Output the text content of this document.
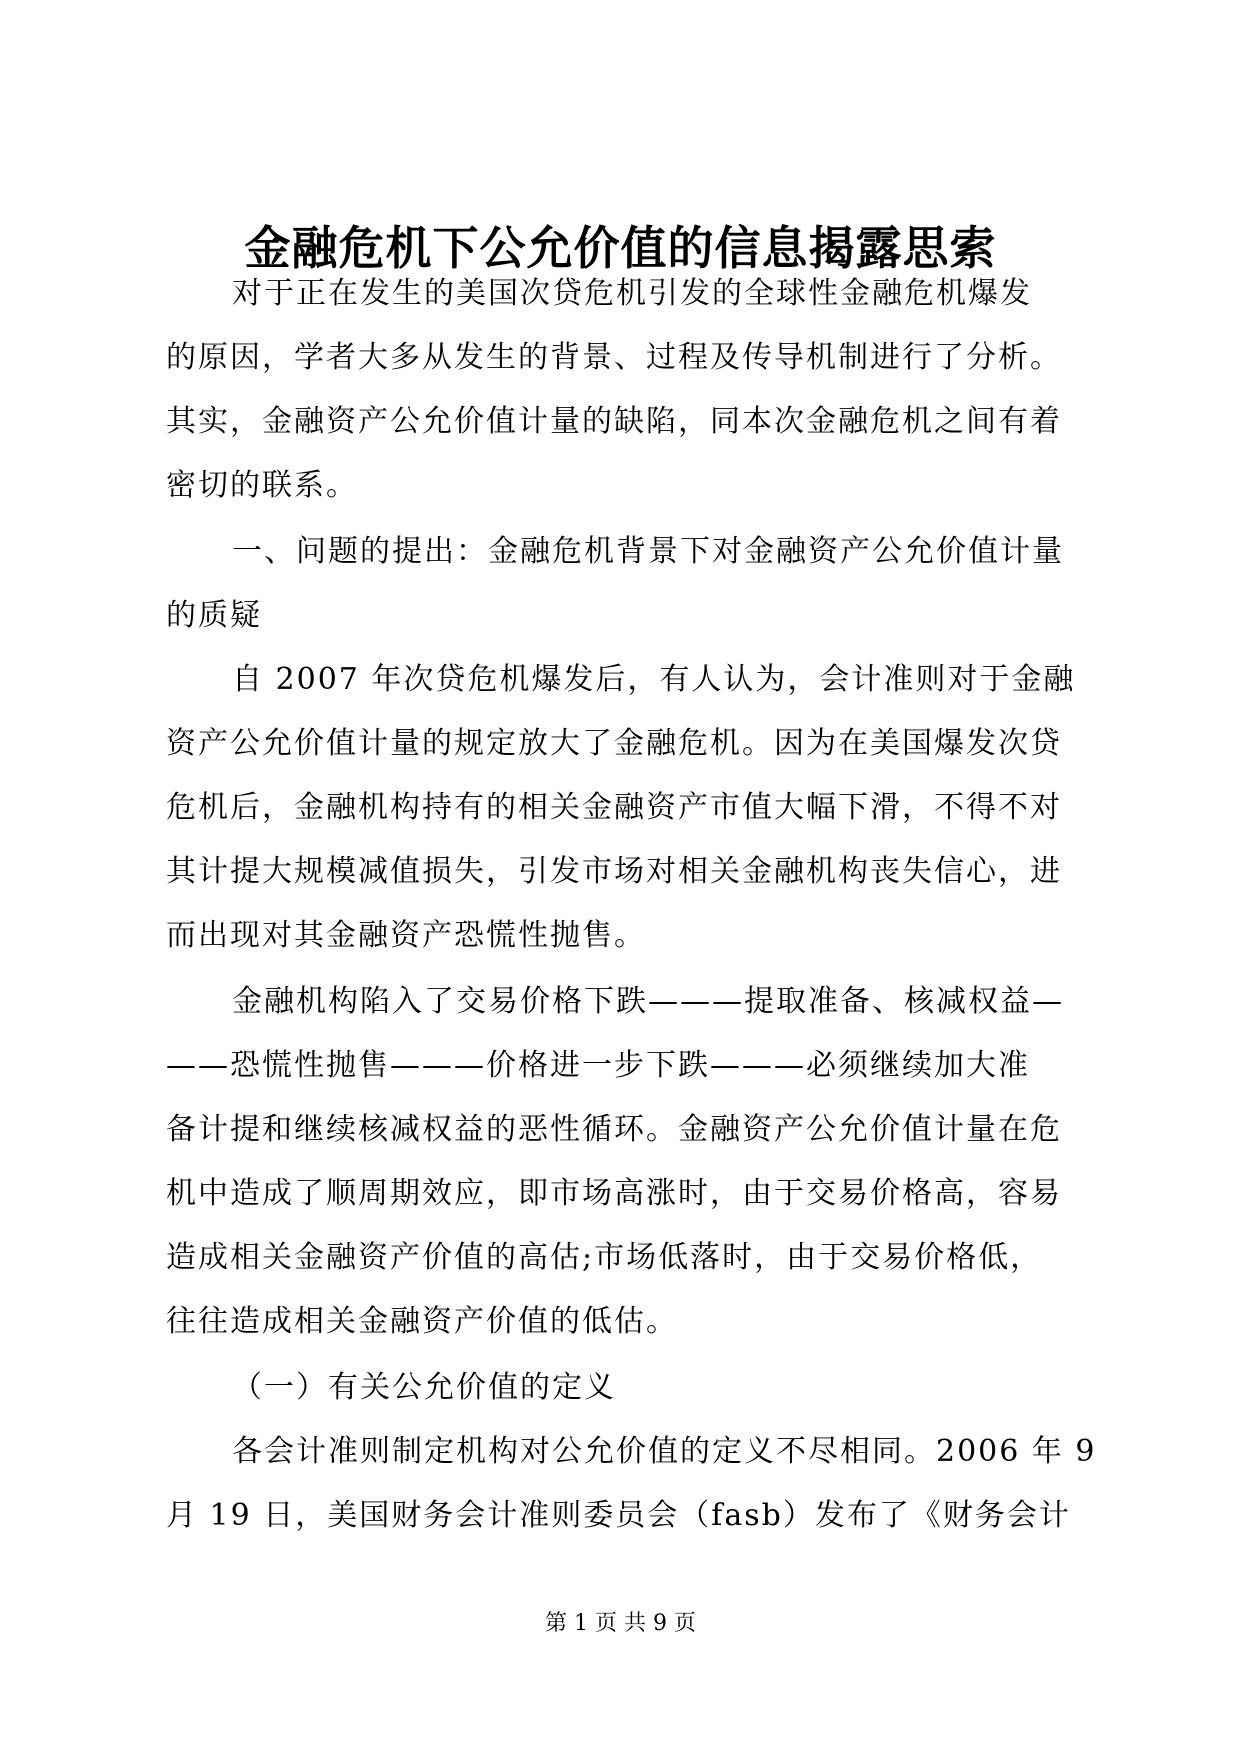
金融危机下公允价值的信息揭露思索

对于正在发生的美国次贷危机引发的全球性金融危机爆发

的原因，学者大多从发生的背景、过程及传导机制进行了分析。

其实，金融资产公允价值计量的缺陷，同本次金融危机之间有着

密切的联系。

一、问题的提出：金融危机背景下对金融资产公允价值计量

的质疑

自 2007 年次贷危机爆发后，有人认为，会计准则对于金融

资产公允价值计量的规定放大了金融危机。因为在美国爆发次贷

危机后，金融机构持有的相关金融资产市值大幅下滑，不得不对

其计提大规模减值损失，引发市场对相关金融机构丧失信心，进

而出现对其金融资产恐慌性抛售。

金融机构陷入了交易价格下跌———提取准备、核减权益—

——恐慌性抛售———价格进一步下跌———必须继续加大准

备计提和继续核减权益的恶性循环。金融资产公允价值计量在危

机中造成了顺周期效应，即市场高涨时，由于交易价格高，容易

造成相关金融资产价值的高估;市场低落时，由于交易价格低，

往往造成相关金融资产价值的低估。

（一）有关公允价值的定义

各会计准则制定机构对公允价值的定义不尽相同。2006 年 9

月 19 日，美国财务会计准则委员会（fasb）发布了《财务会计

第 1 页 共 9 页
